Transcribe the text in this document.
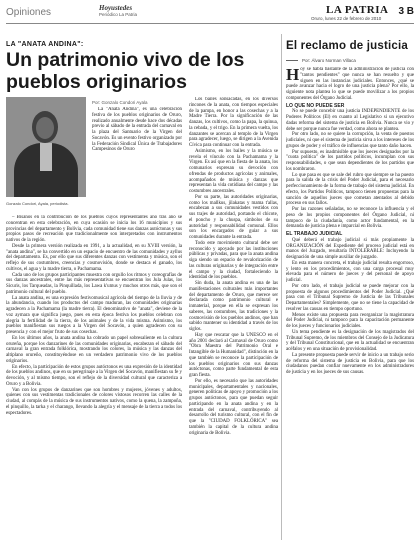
Opiniones	Hoyustedes
Periódico La Patria	LA PATRIA
Oruro, lunes 22 de febrero de 2010
3 B
LA "ANATA ANDINA":
Un patrimonio vivo de los pueblos originarios
Gonzalo Condori, Ayala, periodista.
Por: Gonzalo Condori Ayala

La "Anata Andina", es una celebración festiva de los pueblos originarios de Oruro, realizado anualmente desde hace dos décadas previo al sábado de la entrada del carnaval en la plaza del Santuario de la Virgen del Socavón. Es un evento festivo organizado por la Federación Sindical Única de Trabajadores Campesinos de Oruro

– Bisaños en la contribución de los pueblos cuyos representantes año tras año se concentran en esta celebración, en cuya ocasión se inicia los 16 municipios y sus provincias del departamento y Bolivia, cada comunidad tiene sus danzas autóctonas y sus propios pasos de recreación que tradicionalmente son interpretados con instrumentos nativos de la región.

Desde la primera versión realizada en 1991, a la actualidad, en su XVIII versión, la "anata andina", se ha convertido en un espacio de encuentro de las comunidades y ayllus del departamento. Es, por ello que sus diferentes danzas con vestimenta y música, son el reflejo de sus costumbres, creencias y cosmovisión, donde se destaca el ganado, los cultivos, el agua y la madre tierra, o Pachamama.

Cada uno de los grupos participantes muestra con orgullo los ritmos y coreografías de sus danzas ancestrales, entre las más representativas se encuentran los Jula Julas, los Sicuris, los Tarqueadas, la Pinquillada, los Lawa k'umus y muchos otros más, que son el patrimonio cultural del pueblo.

La anata andina, es una expresión festivomusical agrícola del tiempo de la lluvia y de la abundancia, cuando los productos del campo maduran, las comunidades originarias agradecen a la Pachamama (la madre tierra). El denominativo de "anata", deviene de la voz aymara que significa juego, pues en esta época festiva los pueblos celebran con alegría la fertilidad de la tierra, de los animales y de la vida misma. Asimismo, los pueblos manifiestan sus ruegos a la Virgen del Socavón, a quien agradecen con su presencia y con el mejor fruto de sus cosechas.

En los últimos años, la anata andina ha cobrado un papel sobresaliente en la cultura orureña, porque los danzarines de las comunidades originarias, encabezan el sábado del carnaval la gran entrada folklórica, mostrando los colores, la música y las danzas del altiplano orureño, constituyéndose en un verdadero patrimonio vivo de los pueblos originarios.

En efecto, la participación de estos grupos autóctonos es una expresión de la identidad de los pueblos andinos, que en su peregrinaje a la Virgen del Socavón, manifiestan su fe y devoción, y al mismo tiempo, son el reflejo de la diversidad cultural que caracteriza a Oruro y a Bolivia.

Van con los grupos de danzarines que son hombres y mujeres, jóvenes y adultos, quienes con sus vestimentas tradicionales de colores vistosos recorren las calles de la ciudad, al compás de la música de sus instrumentos nativos, como la quena, la zampoña, el pinquillo, la tarka y el charango, llevando la alegría y el mensaje de la tierra a todos los espectadores.

Los bailes sonsacadas, en los diversos rincones de la anata, con tiempos especiales de la pampa, en honor a las cosechas y a la Madre Tierra. Por la significación de las danzas, los cultivos, como la papa, la quinua, la cebada, y el trigo. En la primera vuelta, los danzantes se acercan al templo de la Virgen para agradecer, luego, se dirigen a la Avenida Cívica para continuar con la entrada.

Asimismo, en los bailes y la música se revela el vínculo con la Pachamama y la Virgen. Es así que en la fiesta de la anata, los comunarios expresan su devoción con ofrendas de productos agrícolas y animales, acompañados de música y danzas que representan la vida cotidiana del campo y las costumbres ancestrales.

Por su parte, las autoridades originarias, como los mallkus, jilakatas y mama t'allas, encabezan a sus comunidades vestidos con sus trajes de autoridad, portando el chicote, el poncho y la chuspa, símbolos de su autoridad y responsabilidad comunal. Ellos son los encargados de guiar a sus comunidades durante la entrada.

Todo este movimiento cultural debe ser reconocido y apoyado por las instituciones públicas y privadas, para que la anata andina siga siendo un espacio de revalorización de las culturas originarias y de integración entre el campo y la ciudad, fortaleciendo la identidad de los pueblos.

Sin duda, la anata andina es una de las manifestaciones culturales más importantes del departamento de Oruro, que merece ser declarada como patrimonio cultural e inmaterial, porque en ella se expresan los saberes, las costumbres, las tradiciones y la cosmovisión de los pueblos andinos, que han sabido mantener su identidad a través de los siglos.

Hay que rescatar que la UNESCO en el año 2001 declaró al Carnaval de Oruro como "Obra Maestra del Patrimonio Oral e Intangible de la Humanidad", distinción en la que también se reconoce la participación de los pueblos originarios con sus danzas autóctonas, como parte fundamental de esta gran fiesta.

Por ello, es necesario que las autoridades municipales, departamentales y nacionales, generen políticas de apoyo y promoción a los grupos autóctonos, para que puedan seguir participando en la anata andina y en la entrada del carnaval, contribuyendo al desarrollo del turismo cultural, con el fin de que la "CIUDAD FOLKLÓRICA" sea también la capital de la cultura andina originaria de Bolivia.

El reclamo de justicia
Por: Álvaro Norman Villaca

Hoy se habla bastante de la administración de justicia con "tantos pendientes" que nunca se han resuelto y que siguen en las instancias judiciales. Entonces, ¿qué se puede avanzar hacia el logro de una justicia plena? Por ello, la siguiente nota plantea lo que se puede movilizar a los propios componentes del Órgano Judicial.

LO QUE NO PUEDE SER

No se puede concebir una justicia INDEPENDIENTE de los Poderes Políticos (El) en cuanto al Legislativo si un ejecutivo dadas reforma del sistema de justicia en Bolivia. Nunca se vio y debe ser porque nunca fue verdad, como ahora se plantea.

Por otro lado, no se quiere la corrupción, la venta de puestos judiciales, ni que el sistema de justicia sirva a los intereses de los grupos de poder y el tráfico de influencias que tanto daño hacen.

Por supuesto, es inadmisible que los jueces designados por la "cuota política" de los partidos políticos, incumplan con sus responsabilidades, o que sean dependientes de los partidos que los nombraron.

Lo que pasa es que se sale del rubro que siempre se ha puesto para la salida de la crisis del Poder Judicial, para el necesario perfeccionamiento de la forma de trabajo del sistema judicial. En efecto, los Partidos Políticos, tampoco tienen propuestas para la sanción de aquellos jueces que cometan atentados al debido proceso en sus fallos.

Por las razones señaladas, no se reconoce la influencia y el peso de los propios componentes del Órgano Judicial, ni tampoco de la ciudadanía, como actor fundamental, en la demanda de justicia plena e imparcial en Bolivia.

EL TRABAJO JUDICIAL

Qué deberá el trabajo judicial si más propiamente la ORGANIZACIÓN del Expediente del proceso judicial está en manos del Juzgado, resultaría INTOLERABLE: Incluyendo la designación de una simple auxiliar de juzgado.

En esta manera concreta, el trabajo judicial resulta engorroso, y lento en los procedimientos, con una carga procesal muy elevada para el número de jueces y del personal de apoyo judicial.

Por otro lado, el trabajo judicial se puede mejorar con la propuesta de algunos procedimientos del Poder Judicial. ¿Qué pasa con el Tribunal Supremo de Justicia de las Tribunales Departamentales? Simplemente, que no se tiene la capacidad de resolver las causas en tiempo oportuno.

Menos existe una propuesta para reorganizar la magistratura del Poder Judicial, ni tampoco para la capacitación permanente de los jueces y funcionarios judiciales.

Un tema pendiente es la designación de los magistrados del Tribunal Supremo, de los miembros del Consejo de la Judicatura y del Tribunal Constitucional, que en la actualidad se encuentran acéfalos y en una situación de provisionalidad.

La presente propuesta puede servir de inicio a un trabajo serio de reforma del sistema de justicia en Bolivia, para que los ciudadanos puedan confiar nuevamente en los administradores de justicia y en los jueces de sus causas.
